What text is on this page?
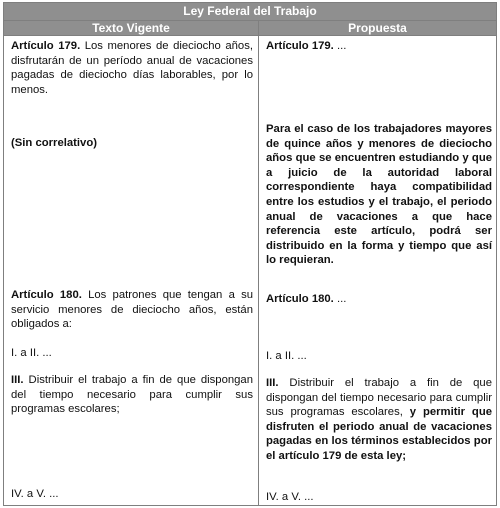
Ley Federal del Trabajo
Texto Vigente	Propuesta

Artículo 179. Los menores de dieciocho años, disfrutarán de un período anual de vacaciones pagadas de dieciocho días laborables, por lo menos.

(Sin correlativo)

Artículo 180. Los patrones que tengan a su servicio menores de dieciocho años, están obligados a:

I. a II. ...

III. Distribuir el trabajo a fin de que dispongan del tiempo necesario para cumplir sus programas escolares;

IV. a V. ...

Artículo 179. ...

Para el caso de los trabajadores mayores de quince años y menores de dieciocho años que se encuentren estudiando y que a juicio de la autoridad laboral correspondiente haya compatibilidad entre los estudios y el trabajo, el periodo anual de vacaciones a que hace referencia este artículo, podrá ser distribuido en la forma y tiempo que así lo requieran.

Artículo 180. ...

I. a II. ...

III. Distribuir el trabajo a fin de que dispongan del tiempo necesario para cumplir sus programas escolares, y permitir que disfruten el periodo anual de vacaciones pagadas en los términos establecidos por el artículo 179 de esta ley;

IV. a V. ...
